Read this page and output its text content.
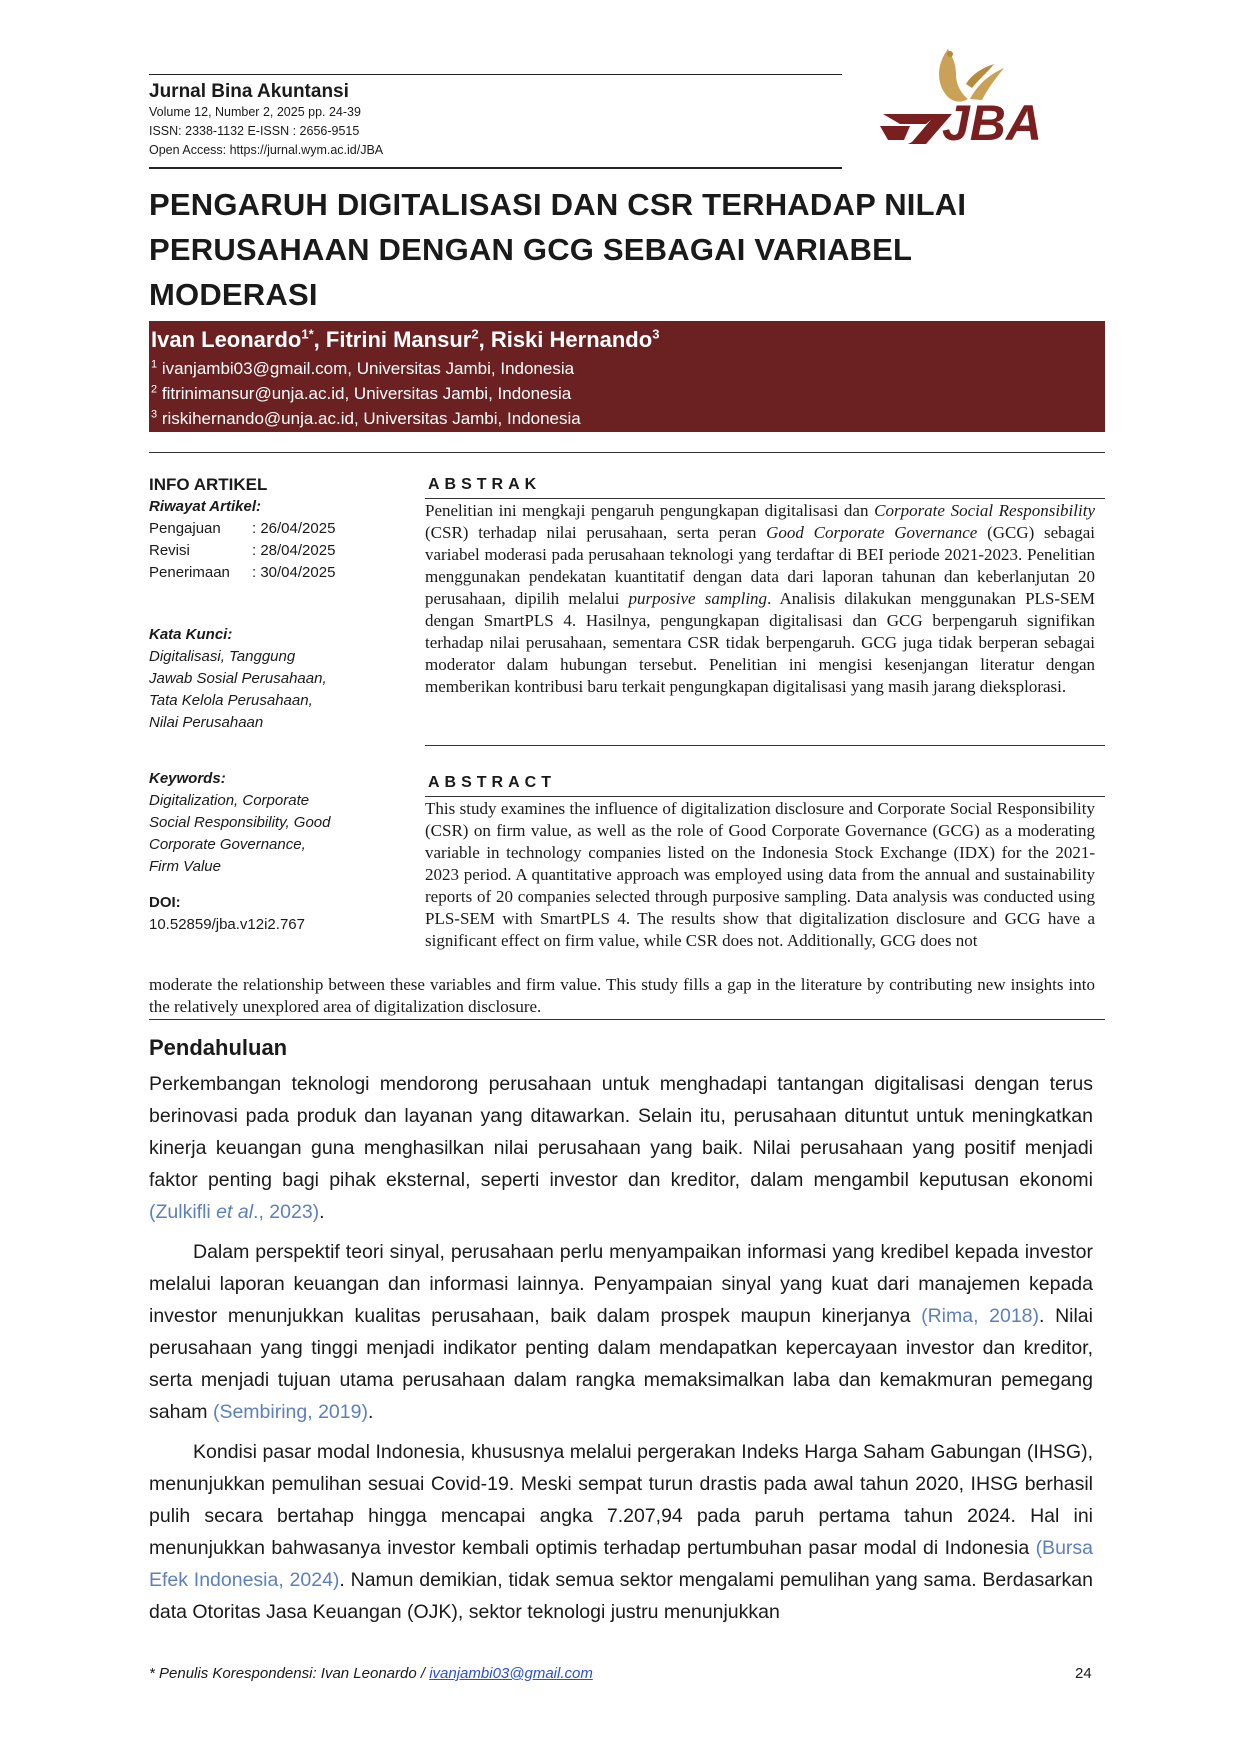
Jurnal Bina Akuntansi
Volume 12, Number 2, 2025 pp. 24-39
ISSN: 2338-1132 E-ISSN : 2656-9515
Open Access: https://jurnal.wym.ac.id/JBA	JBA
PENGARUH DIGITALISASI DAN CSR TERHADAP NILAI
PERUSAHAAN DENGAN GCG SEBAGAI VARIABEL
MODERASI
Ivan Leonardo$^{1*}$, Fitrini Mansur$^2$, Riski Hernando$^3$
$^1$ ivanjambi03@gmail.com, Universitas Jambi, Indonesia
$^2$ fitrinimansur@unja.ac.id, Universitas Jambi, Indonesia
$^3$ riskihernando@unja.ac.id, Universitas Jambi, Indonesia
INFO ARTIKEL
Riwayat Artikel:
Pengajuan	: 26/04/2025
Revisi	: 28/04/2025
Penerimaan	: 30/04/2025
Kata Kunci:
Digitalisasi, Tanggung
Jawab Sosial Perusahaan,
Tata Kelola Perusahaan,
Nilai Perusahaan
Keywords:
Digitalization, Corporate
Social Responsibility, Good
Corporate Governance,
Firm Value
DOI:
10.52859/jba.v12i2.767
ABSTRAK
Penelitian ini mengkaji pengaruh pengungkapan digitalisasi dan Corporate Social Responsibility (CSR) terhadap nilai perusahaan, serta peran Good Corporate Governance (GCG) sebagai variabel moderasi pada perusahaan teknologi yang terdaftar di BEI periode 2021-2023. Penelitian menggunakan pendekatan kuantitatif dengan data dari laporan tahunan dan keberlanjutan 20 perusahaan, dipilih melalui purposive sampling. Analisis dilakukan menggunakan PLS-SEM dengan SmartPLS 4. Hasilnya, pengungkapan digitalisasi dan GCG berpengaruh signifikan terhadap nilai perusahaan, sementara CSR tidak berpengaruh. GCG juga tidak berperan sebagai moderator dalam hubungan tersebut. Penelitian ini mengisi kesenjangan literatur dengan memberikan kontribusi baru terkait pengungkapan digitalisasi yang masih jarang dieksplorasi.
ABSTRACT
This study examines the influence of digitalization disclosure and Corporate Social Responsibility (CSR) on firm value, as well as the role of Good Corporate Governance (GCG) as a moderating variable in technology companies listed on the Indonesia Stock Exchange (IDX) for the 2021-2023 period. A quantitative approach was employed using data from the annual and sustainability reports of 20 companies selected through purposive sampling. Data analysis was conducted using PLS-SEM with SmartPLS 4. The results show that digitalization disclosure and GCG have a significant effect on firm value, while CSR does not. Additionally, GCG does not
moderate the relationship between these variables and firm value. This study fills a gap in the literature by contributing new insights into the relatively unexplored area of digitalization disclosure.
Pendahuluan

Perkembangan teknologi mendorong perusahaan untuk menghadapi tantangan digitalisasi dengan terus berinovasi pada produk dan layanan yang ditawarkan. Selain itu, perusahaan dituntut untuk meningkatkan kinerja keuangan guna menghasilkan nilai perusahaan yang baik. Nilai perusahaan yang positif menjadi faktor penting bagi pihak eksternal, seperti investor dan kreditor, dalam mengambil keputusan ekonomi (Zulkifli et al., 2023).

Dalam perspektif teori sinyal, perusahaan perlu menyampaikan informasi yang kredibel kepada investor melalui laporan keuangan dan informasi lainnya. Penyampaian sinyal yang kuat dari manajemen kepada investor menunjukkan kualitas perusahaan, baik dalam prospek maupun kinerjanya (Rima, 2018). Nilai perusahaan yang tinggi menjadi indikator penting dalam mendapatkan kepercayaan investor dan kreditor, serta menjadi tujuan utama perusahaan dalam rangka memaksimalkan laba dan kemakmuran pemegang saham (Sembiring, 2019).

Kondisi pasar modal Indonesia, khususnya melalui pergerakan Indeks Harga Saham Gabungan (IHSG), menunjukkan pemulihan sesuai Covid-19. Meski sempat turun drastis pada awal tahun 2020, IHSG berhasil pulih secara bertahap hingga mencapai angka 7.207,94 pada paruh pertama tahun 2024. Hal ini menunjukkan bahwasanya investor kembali optimis terhadap pertumbuhan pasar modal di Indonesia (Bursa Efek Indonesia, 2024). Namun demikian, tidak semua sektor mengalami pemulihan yang sama. Berdasarkan data Otoritas Jasa Keuangan (OJK), sektor teknologi justru menunjukkan

* Penulis Korespondensi: Ivan Leonardo / ivanjambi03@gmail.com	24
